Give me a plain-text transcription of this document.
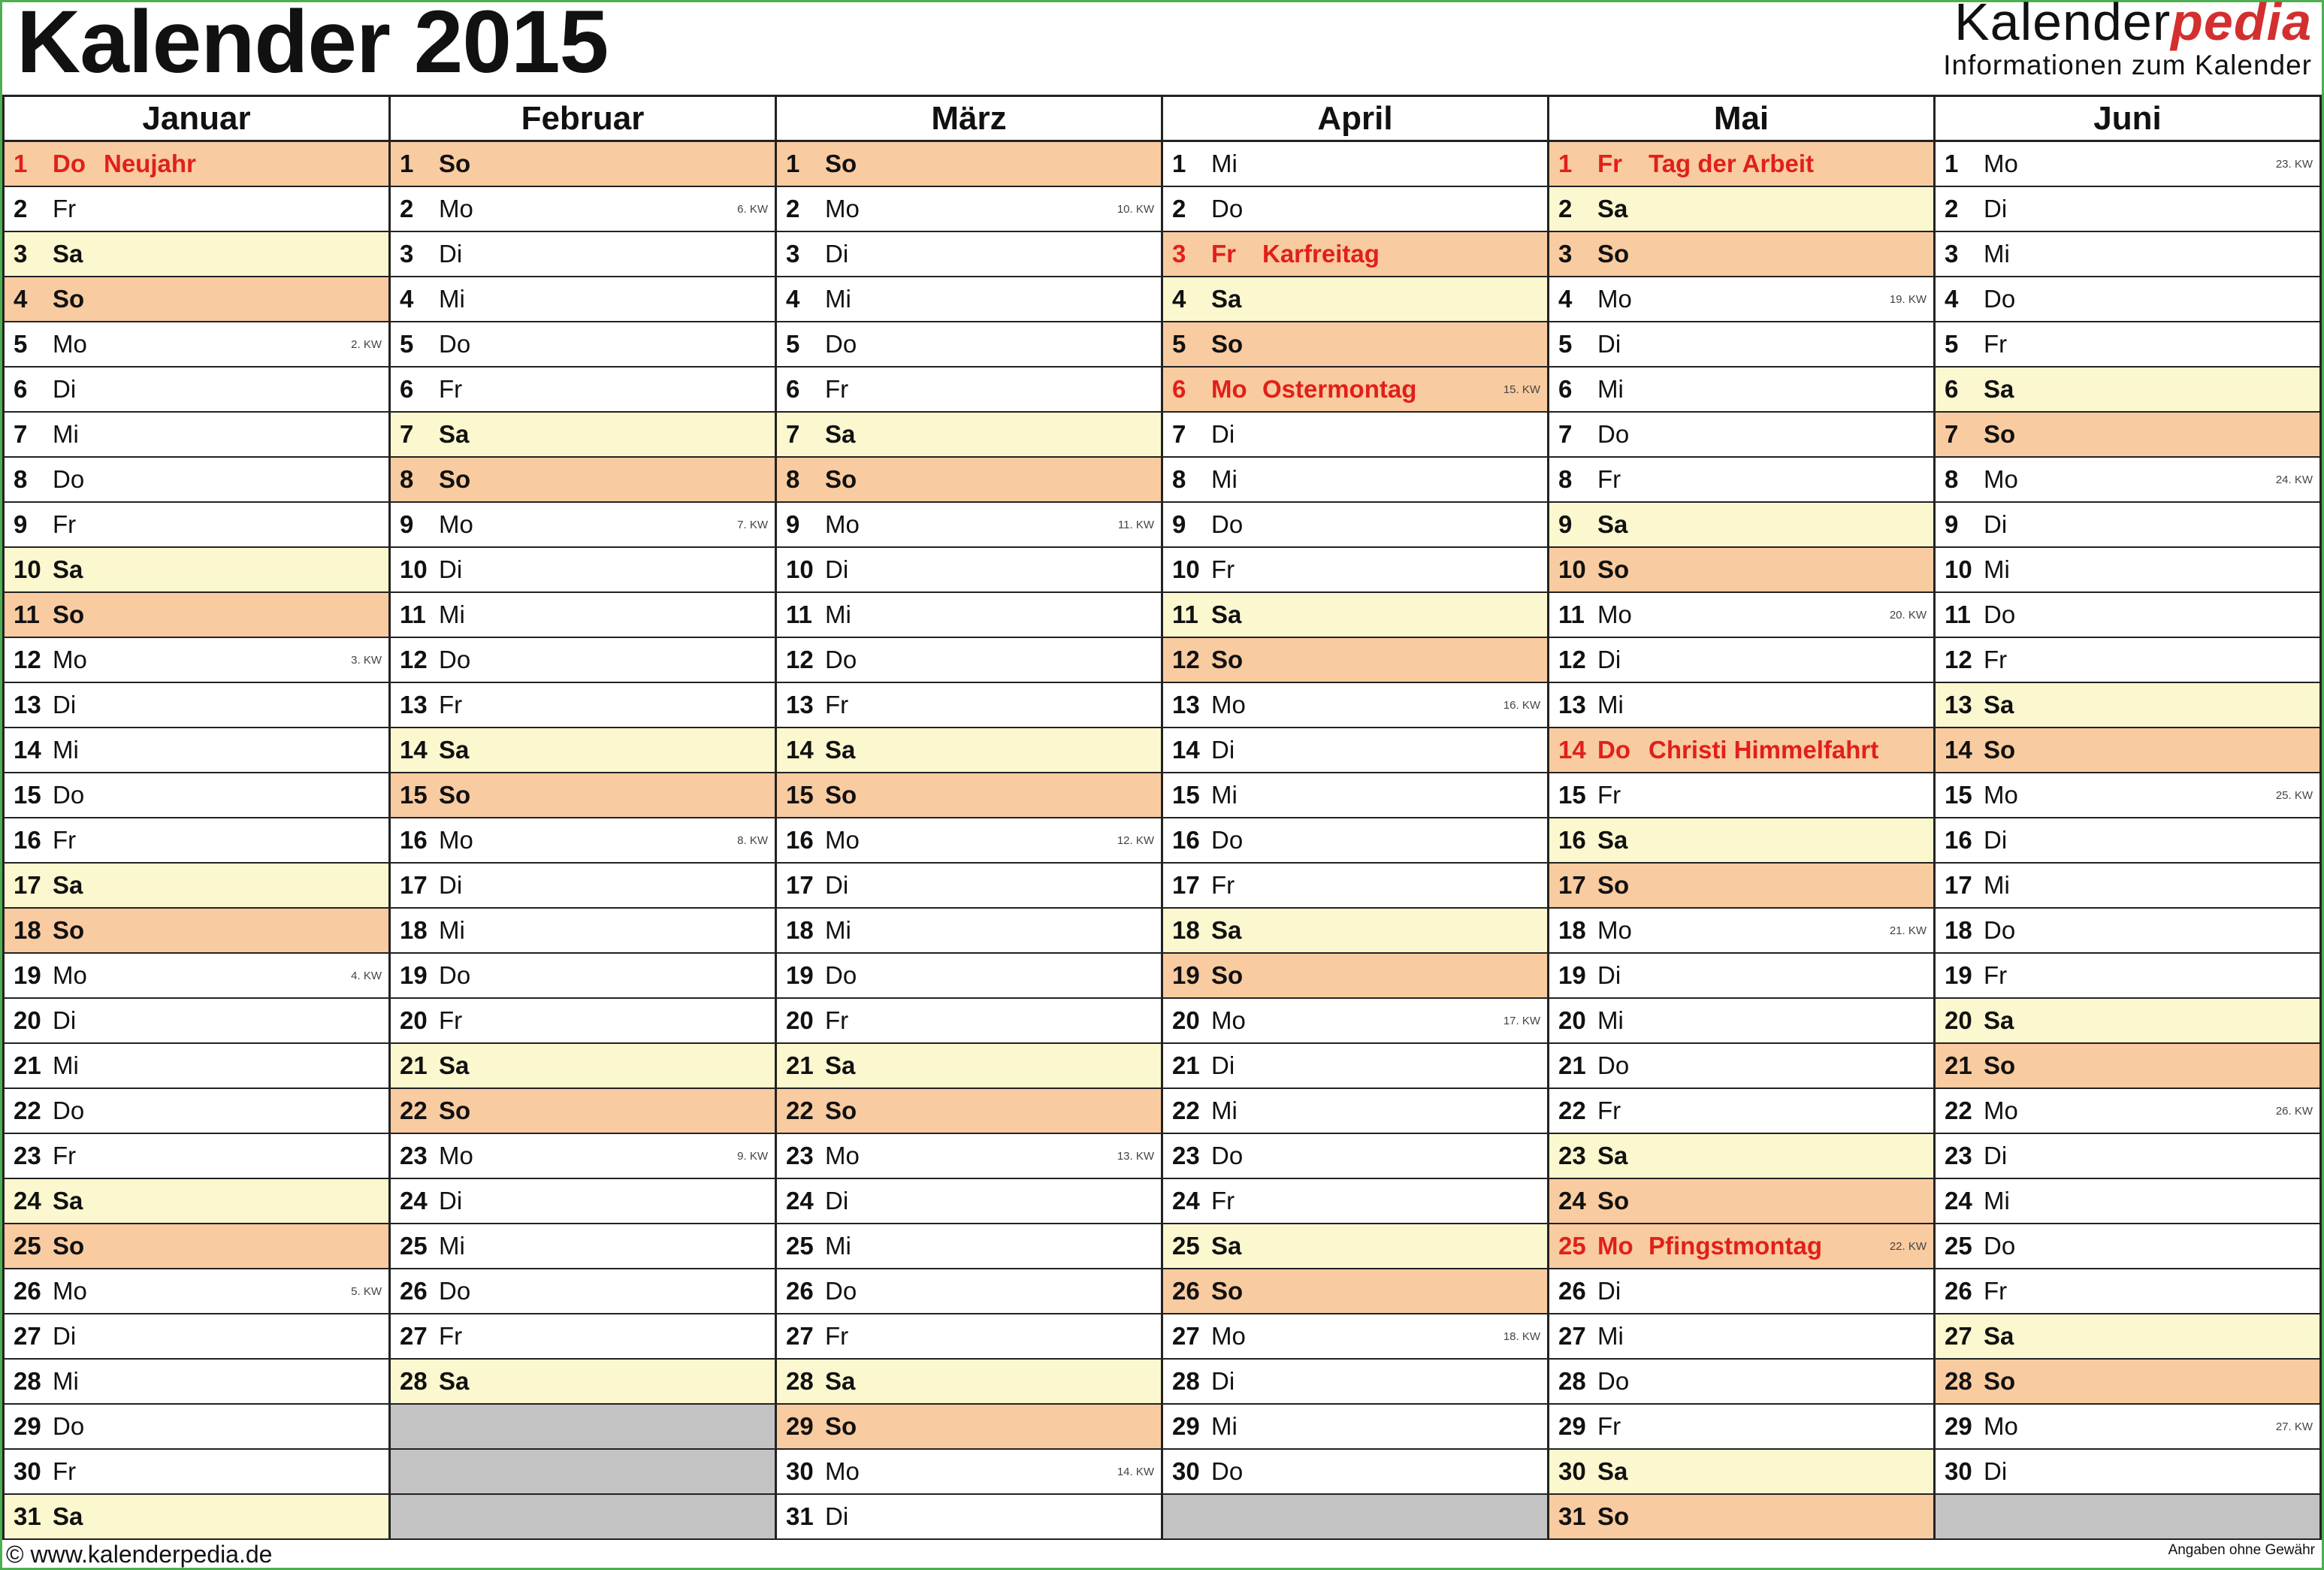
Kalender 2015	Kalenderpedia
Informationen zum Kalender
Januar
1	Do Neujahr
2	Fr
3	Sa
4	So
5	Mo	2. KW
6	Di
7	Mi
8	Do
9	Fr
10 Sa
11 So
12 Mo	3. KW
13 Di
14 Mi
15 Do
16 Fr
17 Sa
18 So
19 Mo	4. KW
20 Di
21 Mi
22 Do
23 Fr
24 Sa
25 So
26 Mo	5. KW
27 Di
28 Mi
29 Do
30 Fr
31 Sa
Februar
1	So
2	Mo	6. KW
3	Di
4	Mi
5	Do
6	Fr
7	Sa
8	So
9	Mo	7. KW
10 Di
11 Mi
12 Do
13 Fr
14 Sa
15 So
16 Mo	8. KW
17 Di
18 Mi
19 Do
20 Fr
21 Sa
22 So
23 Mo	9. KW
24 Di
25 Mi
26 Do
27 Fr
28 Sa
März
1	So
2	Mo	10. KW
3	Di
4	Mi
5	Do
6	Fr
7	Sa
8	So
9	Mo	11. KW
10 Di
11 Mi
12 Do
13 Fr
14 Sa
15 So
16 Mo	12. KW
17 Di
18 Mi
19 Do
20 Fr
21 Sa
22 So
23 Mo	13. KW
24 Di
25 Mi
26 Do
27 Fr
28 Sa
29 So
30 Mo	14. KW
31 Di
April
1	Mi
2	Do
3	Fr	Karfreitag
4	Sa
5	So
6	Mo Ostermontag	15. KW
7	Di
8	Mi
9	Do
10 Fr
11 Sa
12 So
13 Mo	16. KW
14 Di
15 Mi
16 Do
17 Fr
18 Sa
19 So
20 Mo	17. KW
21 Di
22 Mi
23 Do
24 Fr
25 Sa
26 So
27 Mo	18. KW
28 Di
29 Mi
30 Do
Mai
1	Fr	Tag der Arbeit
2	Sa
3	So
4	Mo	19. KW
5	Di
6	Mi
7	Do
8	Fr
9	Sa
10 So
11 Mo	20. KW
12 Di
13 Mi
14 Do Christi Himmelfahrt
15 Fr
16 Sa
17 So
18 Mo	21. KW
19 Di
20 Mi
21 Do
22 Fr
23 Sa
24 So
25 Mo Pfingstmontag	22. KW
26 Di
27 Mi
28 Do
29 Fr
30 Sa
31 So
Juni
1	Mo	23. KW
2	Di
3	Mi
4	Do
5	Fr
6	Sa
7	So
8	Mo	24. KW
9	Di
10 Mi
11 Do
12 Fr
13 Sa
14 So
15 Mo	25. KW
16 Di
17 Mi
18 Do
19 Fr
20 Sa
21 So
22 Mo	26. KW
23 Di
24 Mi
25 Do
26 Fr
27 Sa
28 So
29 Mo	27. KW
30 Di
© www.kalenderpedia.de	Angaben ohne Gewähr
